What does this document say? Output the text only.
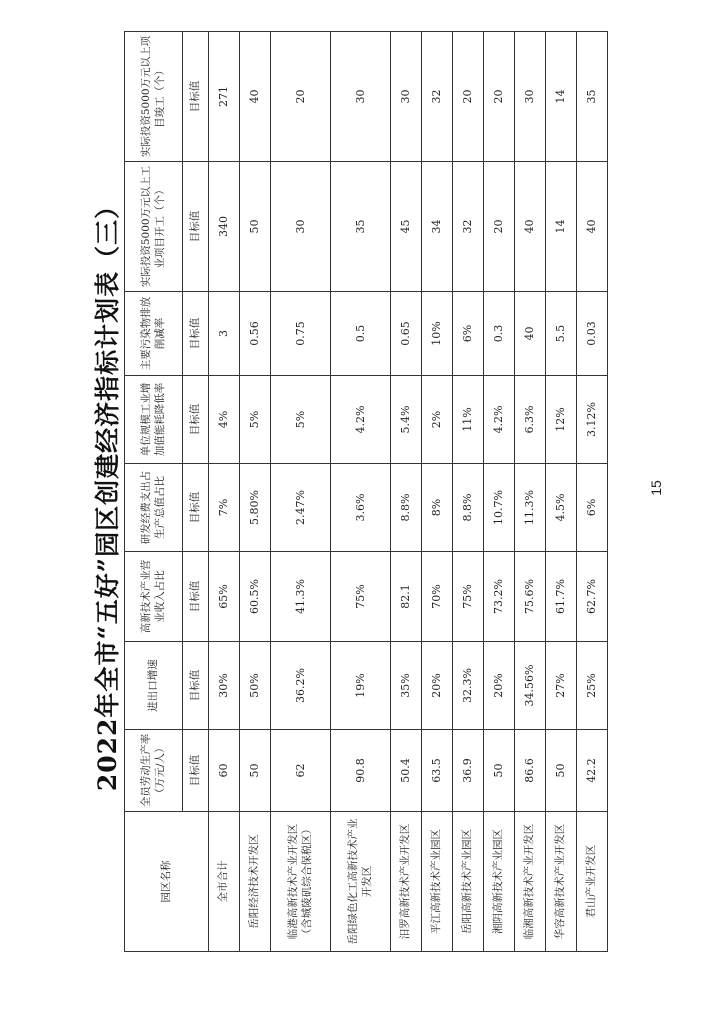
2022年全市“五好”园区创建经济指标计划表（三）
园区名称	全员劳动生产率（万元/人）	进出口增速	高新技术产业营业收入占比	研发经费支出占生产总值占比	单位规模工业增加值能耗降低率	主要污染物排放削减率	实际投资5000万元以上工业项目开工（个）	实际投资5000万元以上项目竣工（个）
	目标值	目标值	目标值	目标值	目标值	目标值	目标值	目标值
全市合计	60	30%	65%	7%	4%	3	340	271
岳阳经济技术开发区	50	50%	60.5%	5.80%	5%	0.56	50	40
临港高新技术产业开发区（含城陵矶综合保税区）	62	36.2%	41.3%	2.47%	5%	0.75	30	20
岳阳绿色化工高新技术产业开发区	90.8	19%	75%	3.6%	4.2%	0.5	35	30
汨罗高新技术产业开发区	50.4	35%	82.1	8.8%	5.4%	0.65	45	30
平江高新技术产业园区	63.5	20%	70%	8%	2%	10%	34	32
岳阳高新技术产业园区	36.9	32.3%	75%	8.8%	11%	6%	32	20
湘阴高新技术产业园区	50	20%	73.2%	10.7%	4.2%	0.3	20	20
临湘高新技术产业开发区	86.6	34.56%	75.6%	11.3%	6.3%	40	40	30
华容高新技术产业开发区	50	27%	61.7%	4.5%	12%	5.5	14	14
君山产业开发区	42.2	25%	62.7%	6%	3.12%	0.03	40	35
15
